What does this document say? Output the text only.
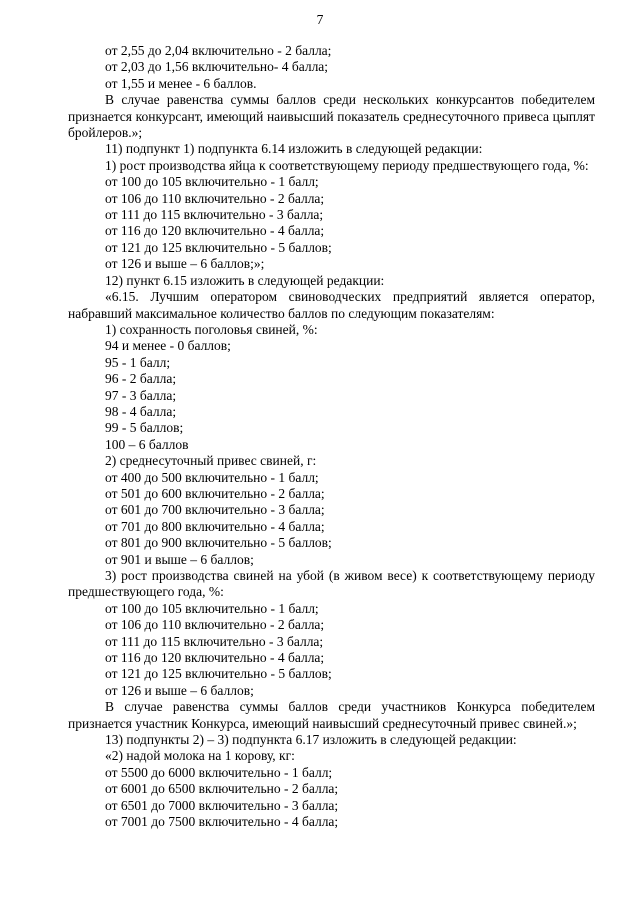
7

от 2,55 до 2,04 включительно - 2 балла;

от 2,03 до 1,56 включительно- 4 балла;

от 1,55 и менее - 6 баллов.

В случае равенства суммы баллов среди нескольких конкурсантов победителем признается конкурсант, имеющий наивысший показатель среднесуточного привеса цыплят бройлеров.»;

11) подпункт 1) подпункта 6.14 изложить в следующей редакции:

1) рост производства яйца к соответствующему периоду предшествующего года, %:

от 100 до 105 включительно - 1 балл;

от 106 до 110 включительно - 2 балла;

от 111 до 115 включительно - 3 балла;

от 116 до 120 включительно - 4 балла;

от 121 до 125 включительно - 5 баллов;

от 126 и выше – 6 баллов;»;

12) пункт 6.15 изложить в следующей редакции:

«6.15. Лучшим оператором свиноводческих предприятий является оператор, набравший максимальное количество баллов по следующим показателям:

1) сохранность поголовья свиней, %:

94 и менее - 0 баллов;

95 - 1 балл;

96 - 2 балла;

97 - 3 балла;

98 - 4 балла;

99 - 5 баллов;

100 – 6 баллов

2) среднесуточный привес свиней, г:

от 400 до 500 включительно - 1 балл;

от 501 до 600 включительно - 2 балла;

от 601 до 700 включительно - 3 балла;

от 701 до 800 включительно - 4 балла;

от 801 до 900 включительно - 5 баллов;

от 901 и выше – 6 баллов;

3) рост производства свиней на убой (в живом весе) к соответствующему периоду предшествующего года, %:

от 100 до 105 включительно - 1 балл;

от 106 до 110 включительно - 2 балла;

от 111 до 115 включительно - 3 балла;

от 116 до 120 включительно - 4 балла;

от 121 до 125 включительно - 5 баллов;

от 126 и выше – 6 баллов;

В случае равенства суммы баллов среди участников Конкурса победителем признается участник Конкурса, имеющий наивысший среднесуточный привес свиней.»;

13) подпункты 2) – 3) подпункта 6.17 изложить в следующей редакции:

«2) надой молока на 1 корову, кг:

от 5500 до 6000 включительно - 1 балл;

от 6001 до 6500 включительно - 2 балла;

от 6501 до 7000 включительно - 3 балла;

от 7001 до 7500 включительно - 4 балла;
